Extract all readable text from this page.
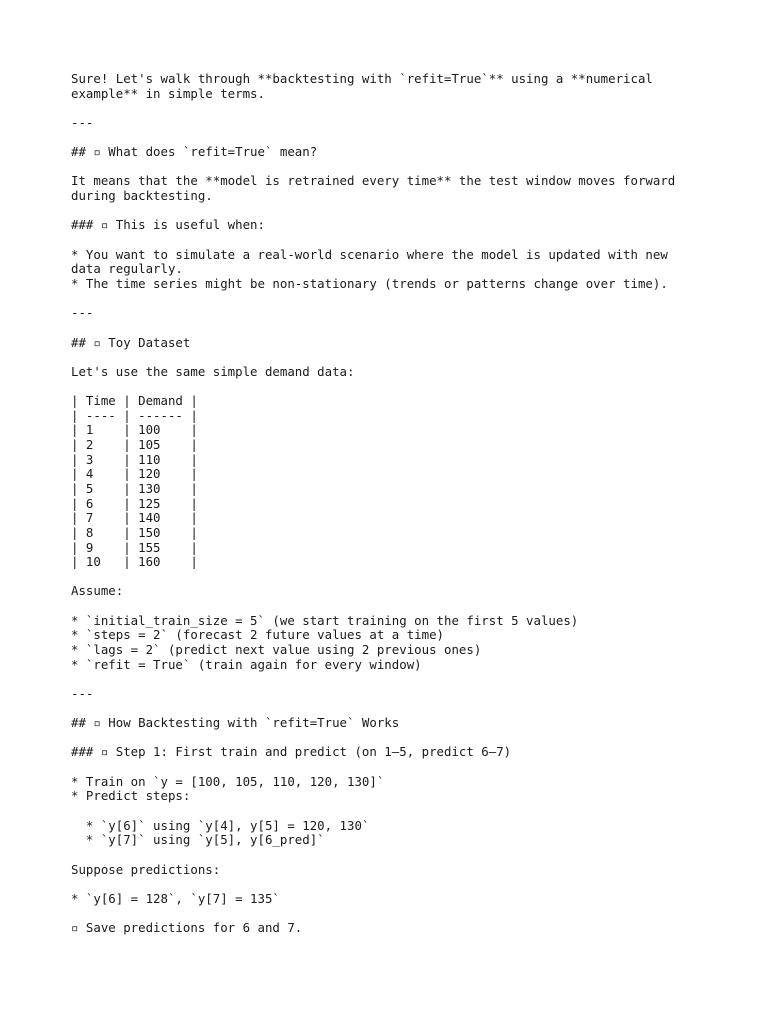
Sure! Let's walk through **backtesting with `refit=True`** using a **numerical
example** in simple terms.
---
## ▫ What does `refit=True` mean?
It means that the **model is retrained every time** the test window moves forward
during backtesting.
### ▫ This is useful when:
* You want to simulate a real-world scenario where the model is updated with new
data regularly.
* The time series might be non-stationary (trends or patterns change over time).
---
## ▫ Toy Dataset
Let's use the same simple demand data:
| Time | Demand |
| ---- | ------ |
| 1    | 100    |
| 2    | 105    |
| 3    | 110    |
| 4    | 120    |
| 5    | 130    |
| 6    | 125    |
| 7    | 140    |
| 8    | 150    |
| 9    | 155    |
| 10   | 160    |
Assume:
* `initial_train_size = 5` (we start training on the first 5 values)
* `steps = 2` (forecast 2 future values at a time)
* `lags = 2` (predict next value using 2 previous ones)
* `refit = True` (train again for every window)
---
## ▫ How Backtesting with `refit=True` Works
### ▫ Step 1: First train and predict (on 1–5, predict 6–7)
* Train on `y = [100, 105, 110, 120, 130]`
* Predict steps:
* `y[6]` using `y[4], y[5] = 120, 130`
* `y[7]` using `y[5], y[6_pred]`
Suppose predictions:
* `y[6] = 128`, `y[7] = 135`
▫ Save predictions for 6 and 7.
